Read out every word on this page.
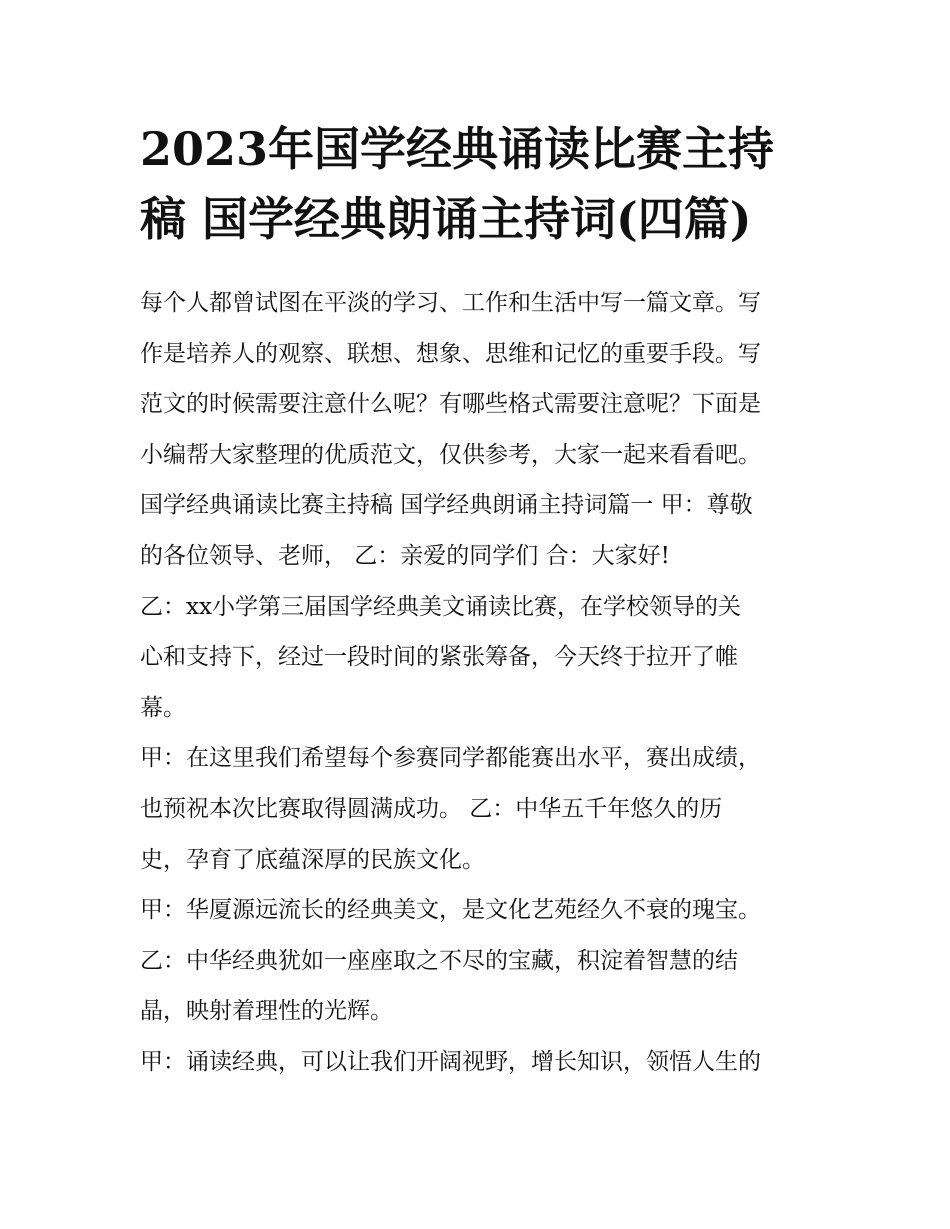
2023年国学经典诵读比赛主持
稿 国学经典朗诵主持词(四篇)
每个人都曾试图在平淡的学习、工作和生活中写一篇文章。写
作是培养人的观察、联想、想象、思维和记忆的重要手段。写
范文的时候需要注意什么呢？有哪些格式需要注意呢？下面是
小编帮大家整理的优质范文，仅供参考，大家一起来看看吧。
国学经典诵读比赛主持稿 国学经典朗诵主持词篇一 甲：尊敬
的各位领导、老师， 乙：亲爱的同学们 合：大家好!
乙：xx小学第三届国学经典美文诵读比赛，在学校领导的关
心和支持下，经过一段时间的紧张筹备，今天终于拉开了帷
幕。
甲：在这里我们希望每个参赛同学都能赛出水平，赛出成绩，
也预祝本次比赛取得圆满成功。 乙：中华五千年悠久的历
史，孕育了底蕴深厚的民族文化。
甲：华厦源远流长的经典美文，是文化艺苑经久不衰的瑰宝。
乙：中华经典犹如一座座取之不尽的宝藏，积淀着智慧的结
晶，映射着理性的光辉。
甲：诵读经典，可以让我们开阔视野，增长知识，领悟人生的
